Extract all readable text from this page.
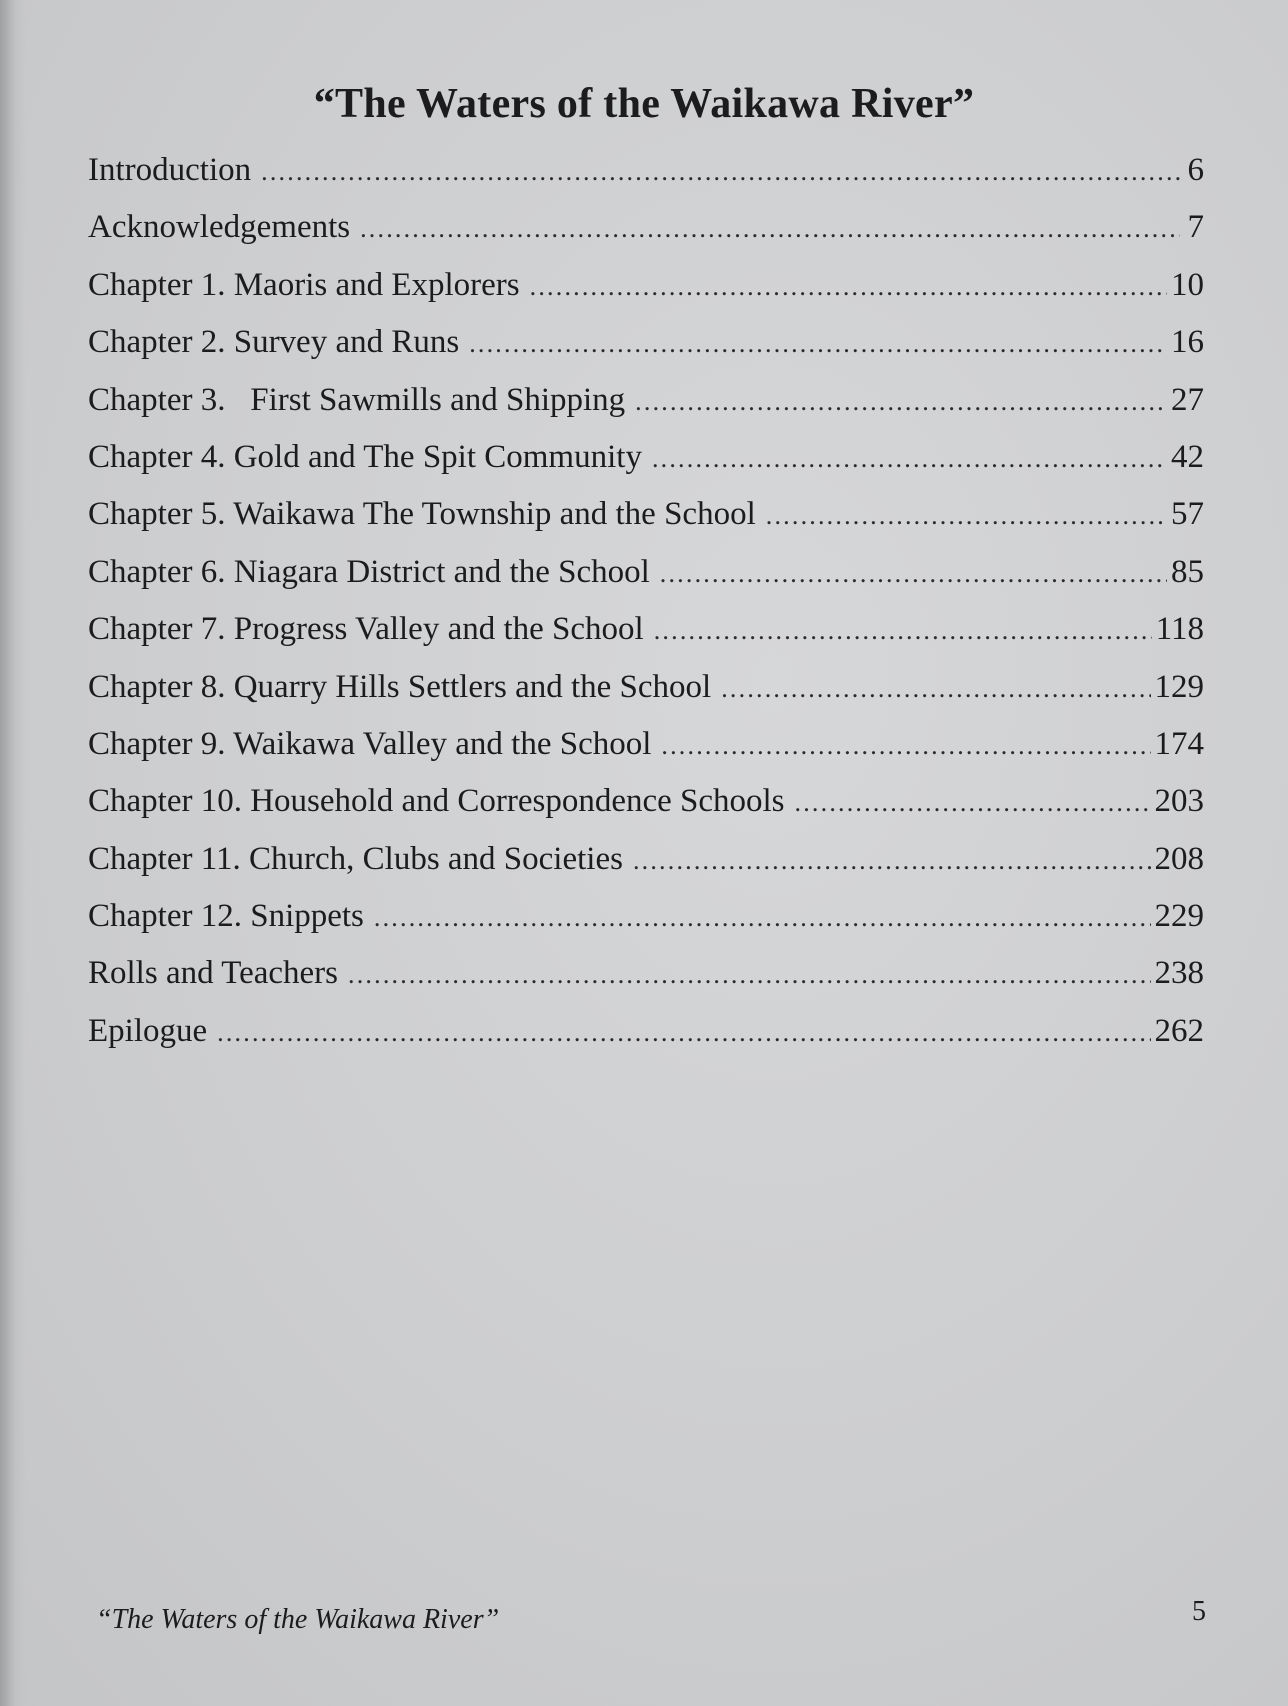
“The Waters of the Waikawa River”
Introduction .....	6
Acknowledgements .....	7
Chapter 1. Maoris and Explorers .....	10
Chapter 2. Survey and Runs .....	16
Chapter 3.   First Sawmills and Shipping .....	27
Chapter 4. Gold and The Spit Community .....	42
Chapter 5. Waikawa The Township and the School .....	57
Chapter 6. Niagara District and the School .....	85
Chapter 7. Progress Valley and the School .....	118
Chapter 8. Quarry Hills Settlers and the School .....	129
Chapter 9. Waikawa Valley and the School .....	174
Chapter 10. Household and Correspondence Schools .....	203
Chapter 11. Church, Clubs and Societies .....	208
Chapter 12. Snippets .....	229
Rolls and Teachers .....	238
Epilogue .....	262
“The Waters of the Waikawa River”	5
